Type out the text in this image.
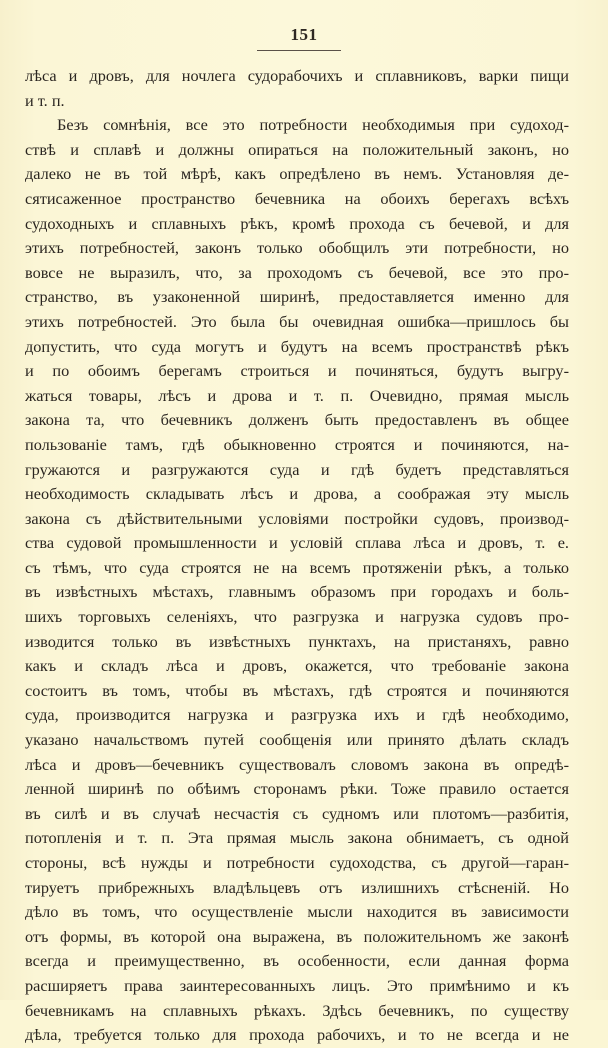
151
лѣса и дровъ, для ночлега судорабочихъ и сплавниковъ, варки пищи
и т. п.
Безъ сомнѣнія, все это потребности необходимыя при судоход-
ствѣ и сплавѣ и должны опираться на положительный законъ, но
далеко не въ той мѣрѣ, какъ опредѣлено въ немъ. Установляя де-
сятисаженное пространство бечевника на обоихъ берегахъ всѣхъ
судоходныхъ и сплавныхъ рѣкъ, кромѣ прохода съ бечевой, и для
этихъ потребностей, законъ только обобщилъ эти потребности, но
вовсе не выразилъ, что, за проходомъ съ бечевой, все это про-
странство, въ узаконенной ширинѣ, предоставляется именно для
этихъ потребностей. Это была бы очевидная ошибка—пришлось бы
допустить, что суда могутъ и будутъ на всемъ пространствѣ рѣкъ
и по обоимъ берегамъ строиться и починяться, будутъ выгру-
жаться товары, лѣсъ и дрова и т. п. Очевидно, прямая мысль
закона та, что бечевникъ долженъ быть предоставленъ въ общее
пользованіе тамъ, гдѣ обыкновенно строятся и починяются, на-
гружаются и разгружаются суда и гдѣ будетъ представляться
необходимость складывать лѣсъ и дрова, а соображая эту мысль
закона съ дѣйствительными условіями постройки судовъ, производ-
ства судовой промышленности и условій сплава лѣса и дровъ, т. е.
съ тѣмъ, что суда строятся не на всемъ протяженіи рѣкъ, а только
въ извѣстныхъ мѣстахъ, главнымъ образомъ при городахъ и боль-
шихъ торговыхъ селеніяхъ, что разгрузка и нагрузка судовъ про-
изводится только въ извѣстныхъ пунктахъ, на пристаняхъ, равно
какъ и складъ лѣса и дровъ, окажется, что требованіе закона
состоитъ въ томъ, чтобы въ мѣстахъ, гдѣ строятся и починяются
суда, производится нагрузка и разгрузка ихъ и гдѣ необходимо,
указано начальствомъ путей сообщенія или принято дѣлать складъ
лѣса и дровъ—бечевникъ существовалъ словомъ закона въ опредѣ-
ленной ширинѣ по обѣимъ сторонамъ рѣки. Тоже правило остается
въ силѣ и въ случаѣ несчастія съ судномъ или плотомъ—разбитія,
потопленія и т. п. Эта прямая мысль закона обнимаетъ, съ одной
стороны, всѣ нужды и потребности судоходства, съ другой—гаран-
тируетъ прибрежныхъ владѣльцевъ отъ излишнихъ стѣсненій. Но
дѣло въ томъ, что осуществленіе мысли находится въ зависимости
отъ формы, въ которой она выражена, въ положительномъ же законѣ
всегда и преимущественно, въ особенности, если данная форма
расширяетъ права заинтересованныхъ лицъ. Это примѣнимо и къ
бечевникамъ на сплавныхъ рѣкахъ. Здѣсь бечевникъ, по существу
дѣла, требуется только для прохода рабочихъ, и то не всегда и не
